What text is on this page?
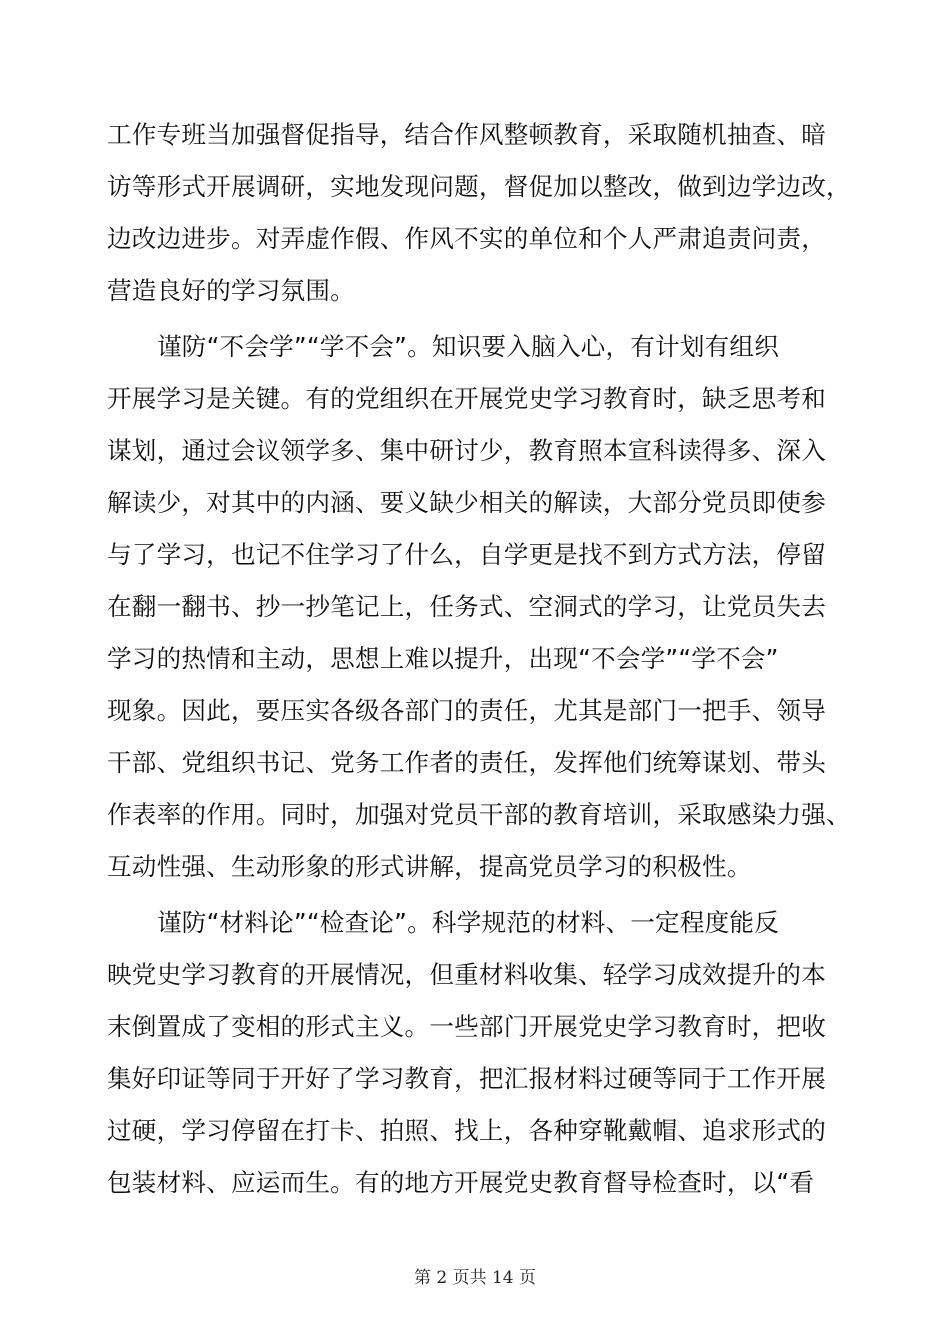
工作专班当加强督促指导，结合作风整顿教育，采取随机抽查、暗
访等形式开展调研，实地发现问题，督促加以整改，做到边学边改，
边改边进步。对弄虚作假、作风不实的单位和个人严肃追责问责，
营造良好的学习氛围。
谨防“不会学”“学不会”。知识要入脑入心，有计划有组织
开展学习是关键。有的党组织在开展党史学习教育时，缺乏思考和
谋划，通过会议领学多、集中研讨少，教育照本宣科读得多、深入
解读少，对其中的内涵、要义缺少相关的解读，大部分党员即使参
与了学习，也记不住学习了什么，自学更是找不到方式方法，停留
在翻一翻书、抄一抄笔记上，任务式、空洞式的学习，让党员失去
学习的热情和主动，思想上难以提升，出现“不会学”“学不会”
现象。因此，要压实各级各部门的责任，尤其是部门一把手、领导
干部、党组织书记、党务工作者的责任，发挥他们统筹谋划、带头
作表率的作用。同时，加强对党员干部的教育培训，采取感染力强、
互动性强、生动形象的形式讲解，提高党员学习的积极性。
谨防“材料论”“检查论”。科学规范的材料、一定程度能反
映党史学习教育的开展情况，但重材料收集、轻学习成效提升的本
末倒置成了变相的形式主义。一些部门开展党史学习教育时，把收
集好印证等同于开好了学习教育，把汇报材料过硬等同于工作开展
过硬，学习停留在打卡、拍照、找上，各种穿靴戴帽、追求形式的
包装材料、应运而生。有的地方开展党史教育督导检查时，以“看
第 2 页共 14 页
